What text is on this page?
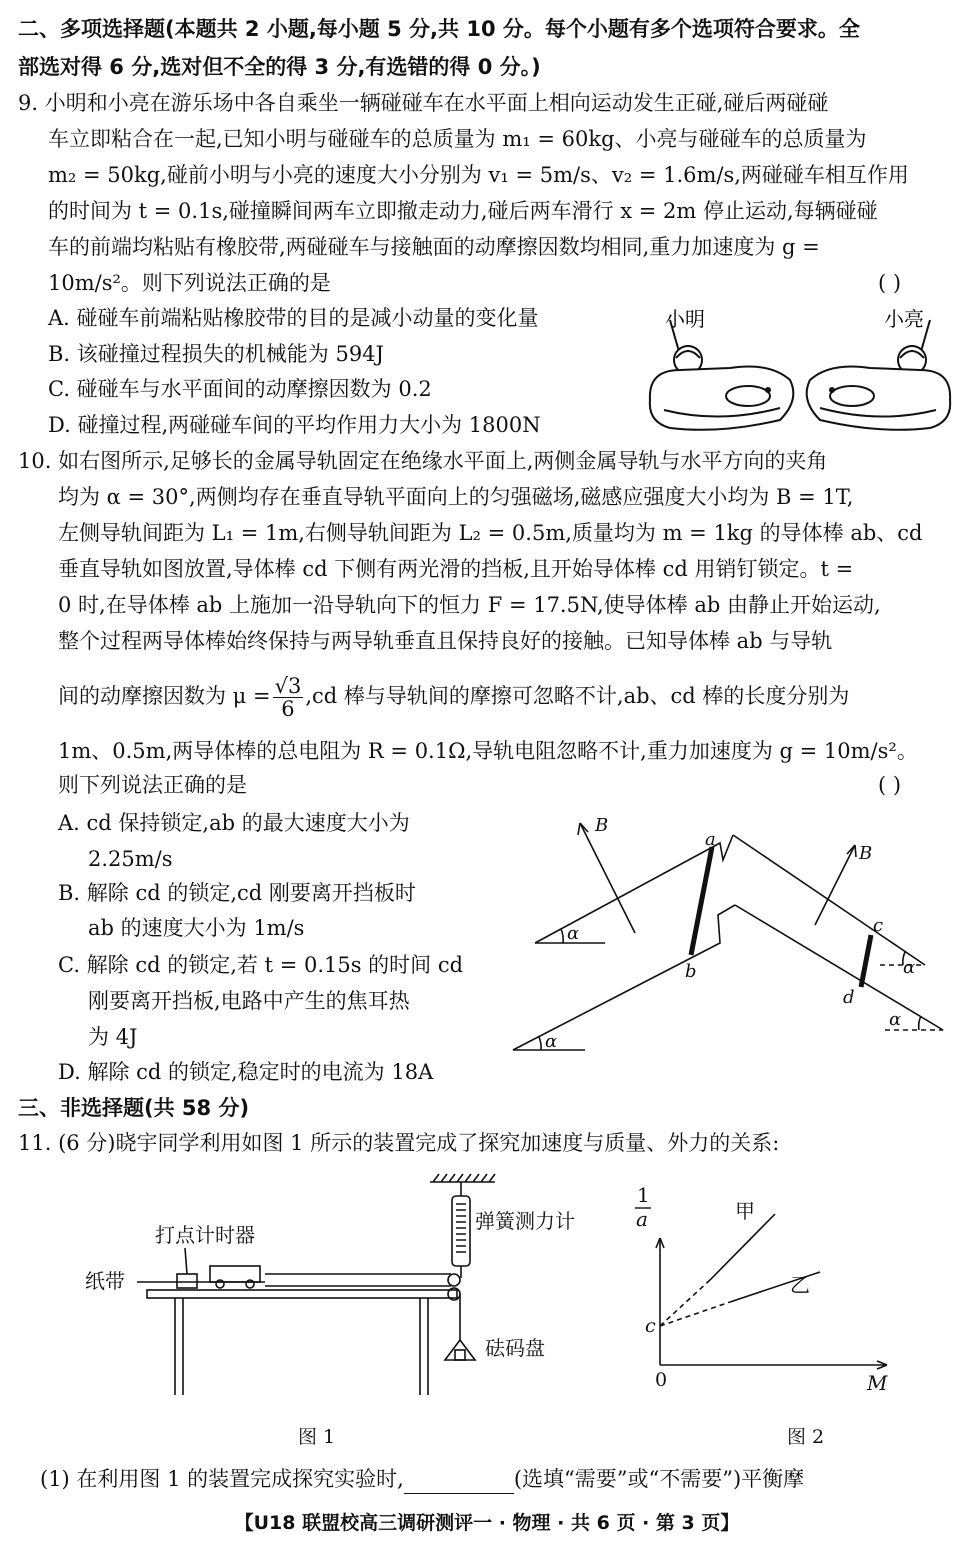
二、多项选择题(本题共 2 小题,每小题 5 分,共 10 分。每个小题有多个选项符合要求。全
部选对得 6 分,选对但不全的得 3 分,有选错的得 0 分。)
9. 小明和小亮在游乐场中各自乘坐一辆碰碰车在水平面上相向运动发生正碰,碰后两碰碰
车立即粘合在一起,已知小明与碰碰车的总质量为 m₁ = 60kg、小亮与碰碰车的总质量为
m₂ = 50kg,碰前小明与小亮的速度大小分别为 v₁ = 5m/s、v₂ = 1.6m/s,两碰碰车相互作用
的时间为 t = 0.1s,碰撞瞬间两车立即撤走动力,碰后两车滑行 x = 2m 停止运动,每辆碰碰
车的前端均粘贴有橡胶带,两碰碰车与接触面的动摩擦因数均相同,重力加速度为 g =
10m/s²。则下列说法正确的是	( )
A. 碰碰车前端粘贴橡胶带的目的是减小动量的变化量
B. 该碰撞过程损失的机械能为 594J
C. 碰碰车与水平面间的动摩擦因数为 0.2
D. 碰撞过程,两碰碰车间的平均作用力大小为 1800N
小明	小亮
10. 如右图所示,足够长的金属导轨固定在绝缘水平面上,两侧金属导轨与水平方向的夹角
均为 α = 30°,两侧均存在垂直导轨平面向上的匀强磁场,磁感应强度大小均为 B = 1T,
左侧导轨间距为 L₁ = 1m,右侧导轨间距为 L₂ = 0.5m,质量均为 m = 1kg 的导体棒 ab、cd
垂直导轨如图放置,导体棒 cd 下侧有两光滑的挡板,且开始导体棒 cd 用销钉锁定。t =
0 时,在导体棒 ab 上施加一沿导轨向下的恒力 F = 17.5N,使导体棒 ab 由静止开始运动,
整个过程两导体棒始终保持与两导轨垂直且保持良好的接触。已知导体棒 ab 与导轨
间的动摩擦因数为 $\mu = \frac{√3}{6} ,cd$ 棒与导轨间的摩擦可忽略不计,ab、cd 棒的长度分别为
1m、0.5m,两导体棒的总电阻为 R = 0.1Ω,导轨电阻忽略不计,重力加速度为 g = 10m/s²。
则下列说法正确的是	( )
A. cd 保持锁定,ab 的最大速度大小为
2.25m/s
B. 解除 cd 的锁定,cd 刚要离开挡板时
ab 的速度大小为 1m/s
C. 解除 cd 的锁定,若 t = 0.15s 的时间 cd
刚要离开挡板,电路中产生的焦耳热
为 4J
D. 解除 cd 的锁定,稳定时的电流为 18A
B
B
a
b
c
d
α
α
α
α
三、非选择题(共 58 分)
11. (6 分)晓宇同学利用如图 1 所示的装置完成了探究加速度与质量、外力的关系:
打点计时器
纸带
弹簧测力计
砝码盘
图 1
1
a	甲
乙
c
0	M
图 2
(1) 在利用图 1 的装置完成探究实验时,	(选填“需要”或“不需要”)平衡摩
【U18 联盟校高三调研测评一 · 物理 · 共 6 页 · 第 3 页】
